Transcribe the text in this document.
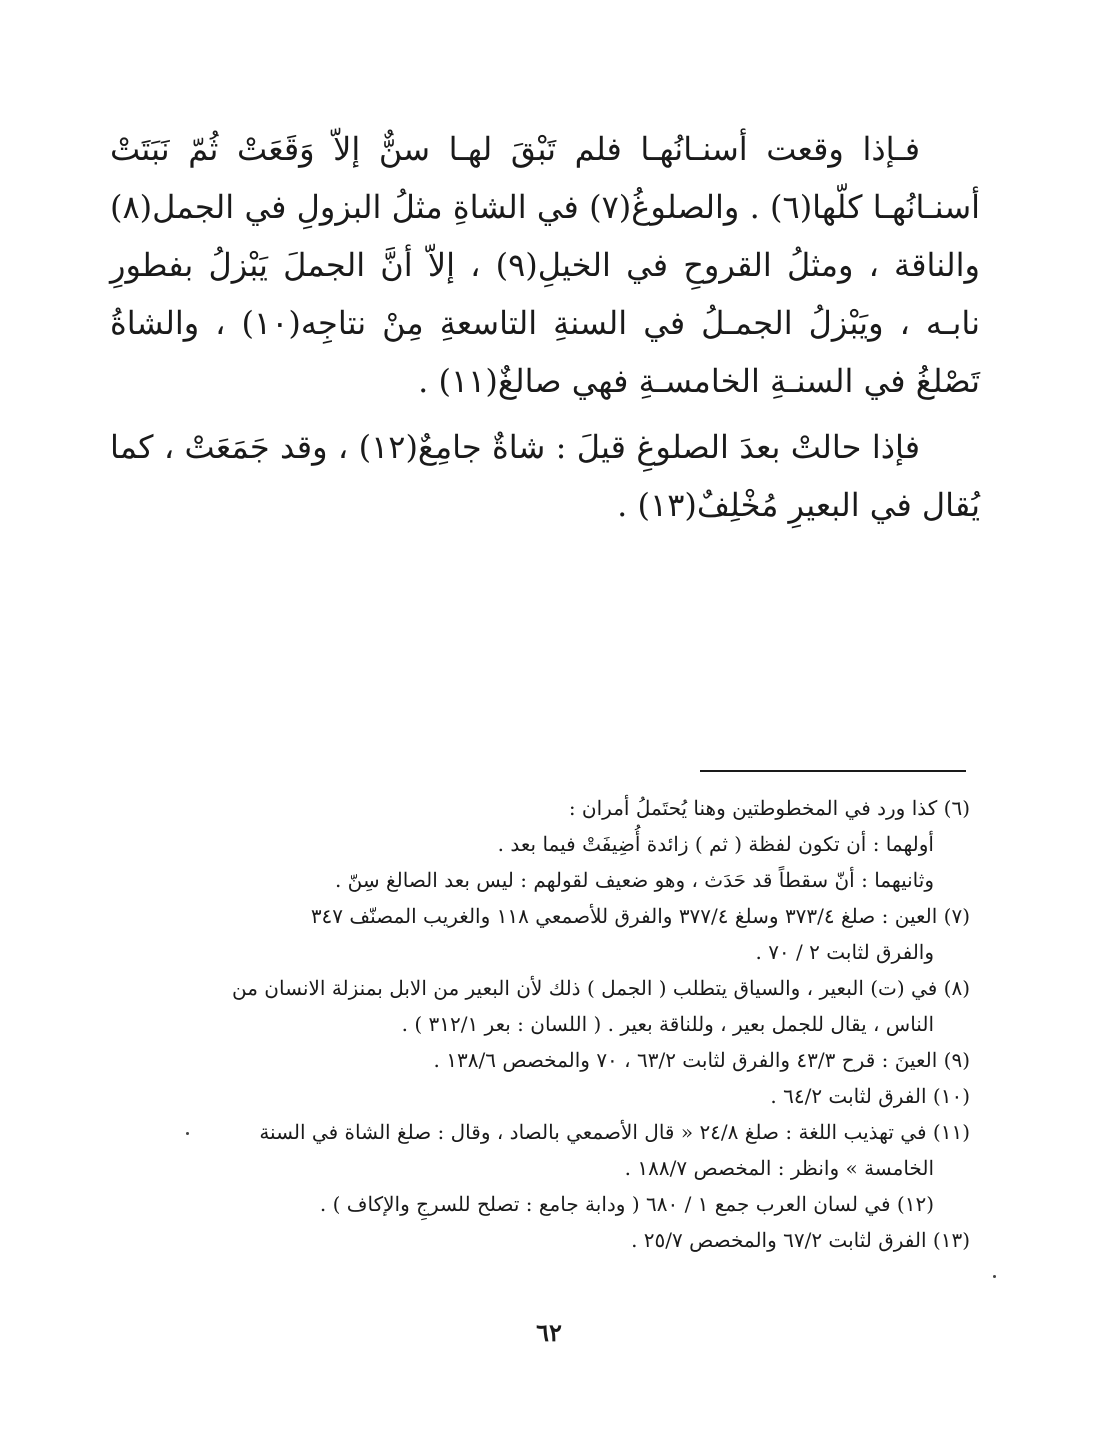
فـإذا وقعت أسنـانُهـا فلم تَبْقَ لهـا سنٌّ إلاّ وَقَعَتْ ثُمّ نَبَتَتْ أسنـانُهـا كلّها(٦) . والصلوغُ(٧) في الشاةِ مثلُ البزولِ في الجمل(٨) والناقة ، ومثلُ القروحِ في الخيلِ(٩) ، إلاّ أنَّ الجملَ يَبْزلُ بفطورِ نابـه ، ويَبْزلُ الجمـلُ في السنةِ التاسعةِ مِنْ نتاجِه(١٠) ، والشاةُ تَصْلغُ في السنـةِ الخامسـةِ فهي صالغٌ(١١) .

فإذا حالتْ بعدَ الصلوغِ قيلَ : شاةٌ جامِعٌ(١٢) ، وقد جَمَعَتْ ، كما يُقال في البعيرِ مُخْلِفٌ(١٣) .

(٦) كذا ورد في المخطوطتين وهنا يُحتَملُ أمران :
أولهما : أن تكون لفظة ( ثم ) زائدة أُضِيفَتْ فيما بعد .
وثانيهما : أنّ سقطاً قد حَدَث ، وهو ضعيف لقولهم : ليس بعد الصالغ سِنّ .
(٧) العين : صلغ ٣٧٣/٤ وسلغ ٣٧٧/٤ والفرق للأصمعي ١١٨ والغريب المصنّف ٣٤٧
والفرق لثابت ٢ / ٧٠ .
(٨) في (ت) البعير ، والسياق يتطلب ( الجمل ) ذلك لأن البعير من الابل بمنزلة الانسان من
الناس ، يقال للجمل بعير ، وللناقة بعير . ( اللسان : بعر ٣١٢/١ ) .
(٩) العينَ : قرح ٤٣/٣ والفرق لثابت ٦٣/٢ ، ٧٠ والمخصص ١٣٨/٦ .
(١٠) الفرق لثابت ٦٤/٢ .
(١١) في تهذيب اللغة : صلغ ٢٤/٨ « قال الأصمعي بالصاد ، وقال : صلغ الشاة في السنة
الخامسة » وانظر : المخصص ١٨٨/٧ .
(١٢) في لسان العرب جمع ١ / ٦٨٠ ( ودابة جامع : تصلح للسرجِ والإكاف ) .
(١٣) الفرق لثابت ٦٧/٢ والمخصص ٢٥/٧ .
٦٢
